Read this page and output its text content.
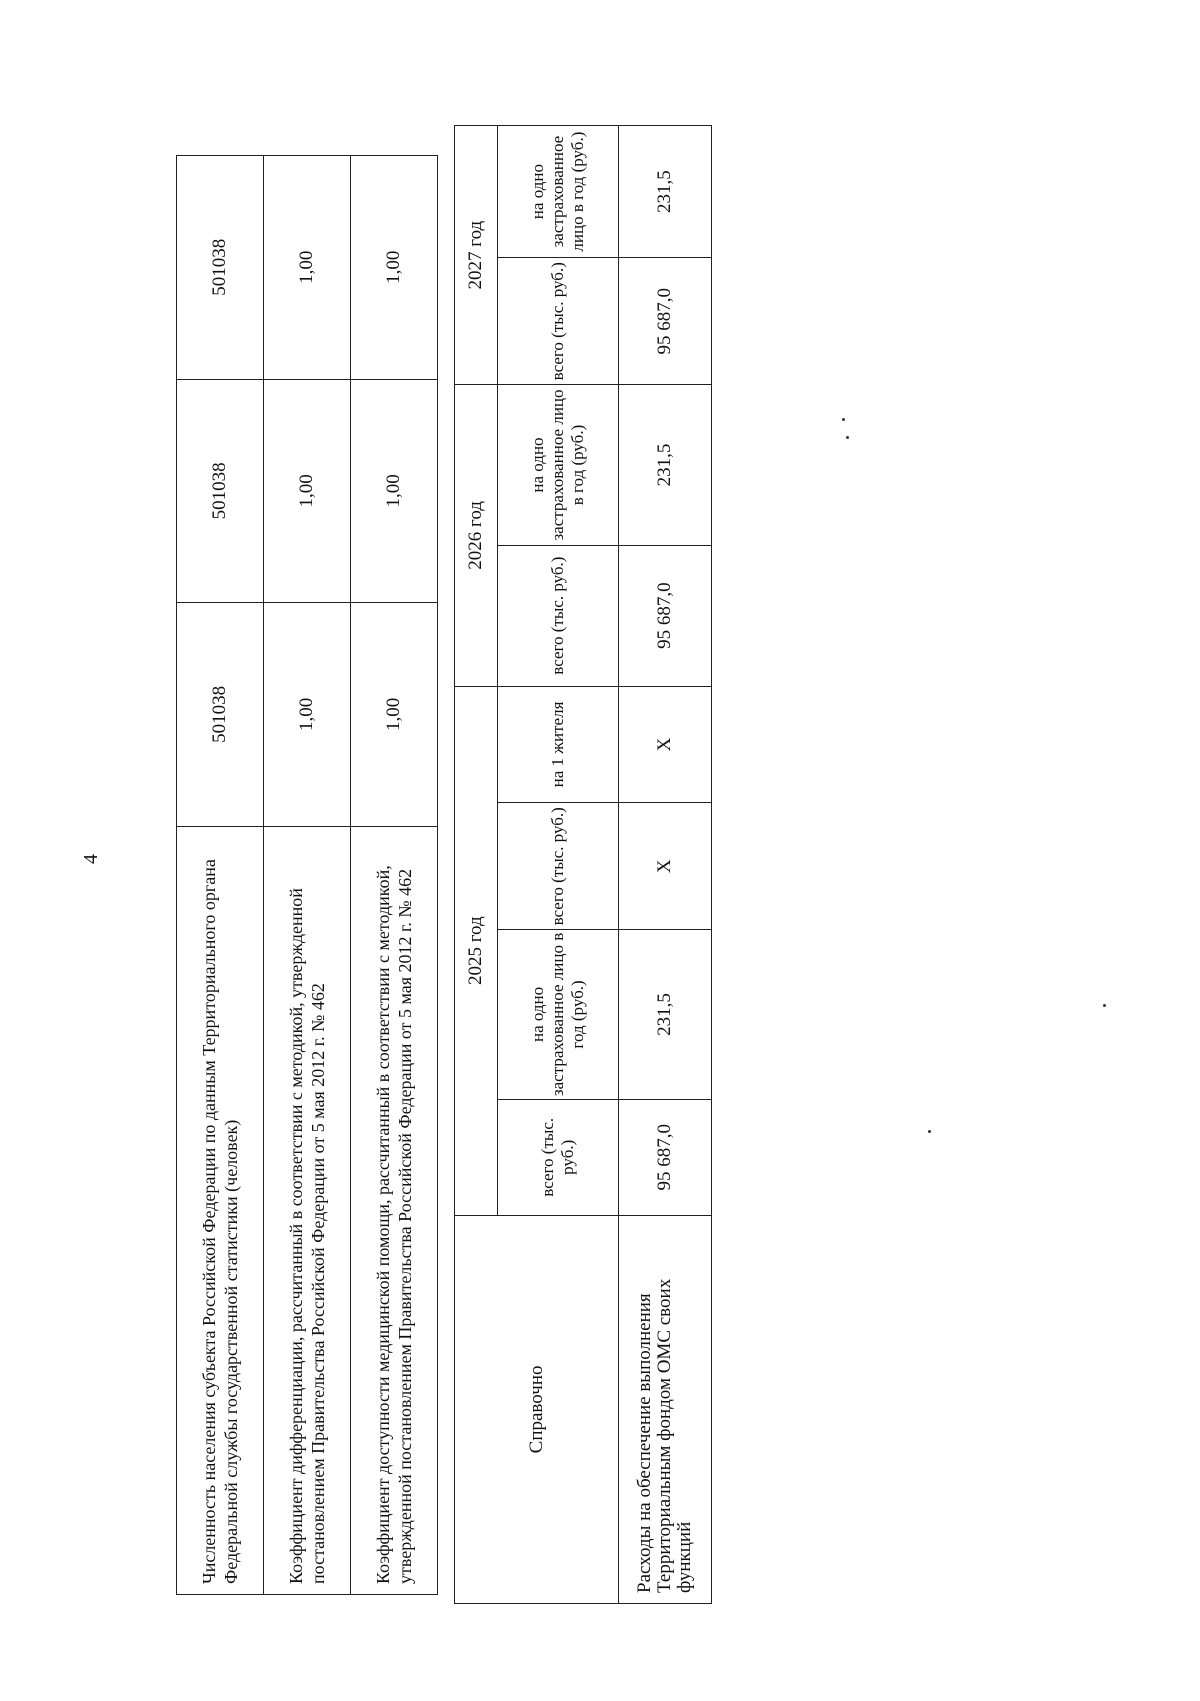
4
Численность населения субъекта Российской Федерации по данным Территориального органа Федеральной службы государственной статистики (человек)	501038	501038	501038
Коэффициент дифференциации, рассчитанный в соответствии с методикой, утвержденной постановлением Правительства Российской Федерации от 5 мая 2012 г. № 462	1,00	1,00	1,00
Коэффициент доступности медицинской помощи, рассчитанный в соответствии с методикой, утвержденной постановлением Правительства Российской Федерации от 5 мая 2012 г. № 462	1,00	1,00	1,00
Справочно	2025 год				2026 год		2027 год	
	всего (тыс. руб.)	на одно застрахованное лицо в год (руб.)	всего (тыс. руб.)	на 1 жителя	всего (тыс. руб.)	на одно застрахованное лицо в год (руб.)	всего (тыс. руб.)	на одно застрахованное лицо в год (руб.)
Расходы на обеспечение выполнения Территориальным фондом ОМС своих функций	95 687,0	231,5	Х	Х	95 687,0	231,5	95 687,0	231,5
